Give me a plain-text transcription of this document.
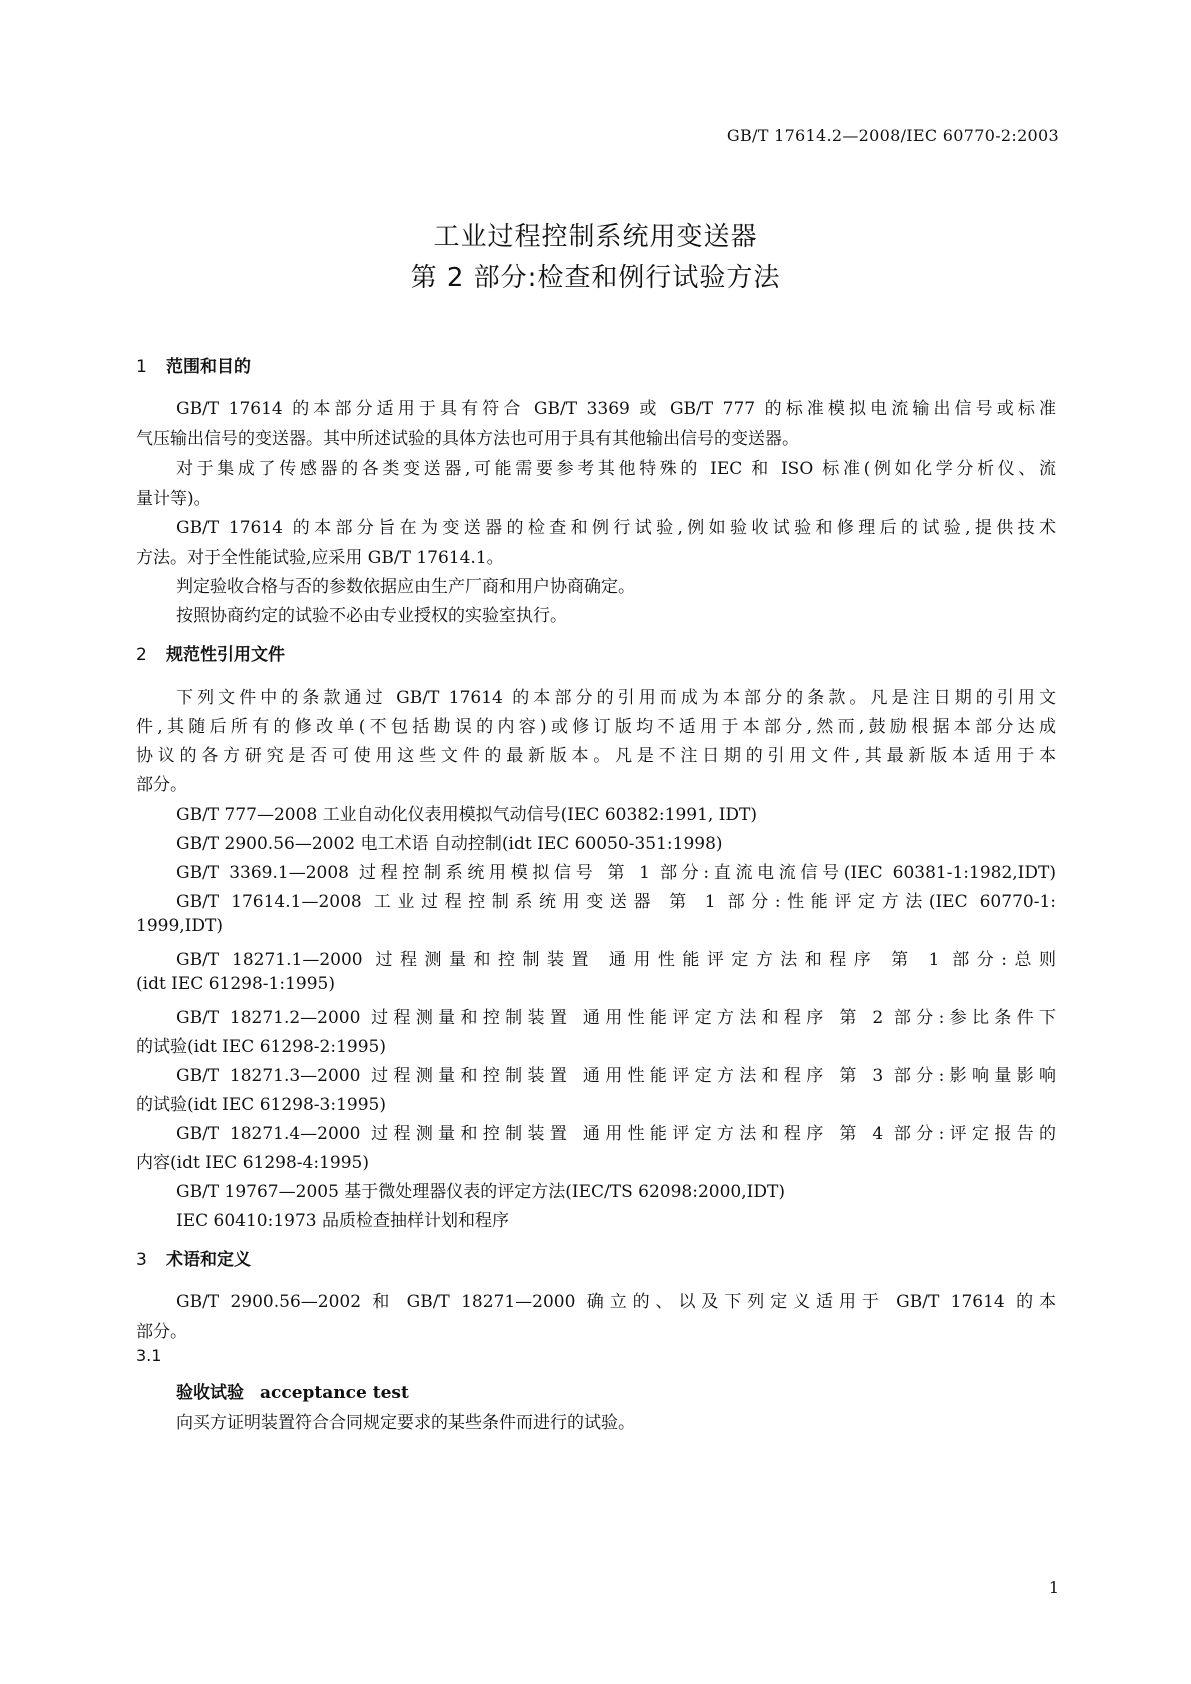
GB/T 17614.2—2008/IEC 60770-2:2003
工业过程控制系统用变送器
第 2 部分:检查和例行试验方法
1 范围和目的
GB/T 17614 的本部分适用于具有符合 GB/T 3369 或 GB/T 777 的标准模拟电流输出信号或标准
气压输出信号的变送器。其中所述试验的具体方法也可用于具有其他输出信号的变送器。
对于集成了传感器的各类变送器,可能需要参考其他特殊的 IEC 和 ISO 标准(例如化学分析仪、流
量计等)。
GB/T 17614 的本部分旨在为变送器的检查和例行试验,例如验收试验和修理后的试验,提供技术
方法。对于全性能试验,应采用 GB/T 17614.1。
判定验收合格与否的参数依据应由生产厂商和用户协商确定。
按照协商约定的试验不必由专业授权的实验室执行。
2 规范性引用文件
下列文件中的条款通过 GB/T 17614 的本部分的引用而成为本部分的条款。凡是注日期的引用文
件,其随后所有的修改单(不包括勘误的内容)或修订版均不适用于本部分,然而,鼓励根据本部分达成
协议的各方研究是否可使用这些文件的最新版本。凡是不注日期的引用文件,其最新版本适用于本
部分。
GB/T 777—2008 工业自动化仪表用模拟气动信号(IEC 60382:1991, IDT)
GB/T 2900.56—2002 电工术语 自动控制(idt IEC 60050-351:1998)
GB/T 3369.1—2008 过程控制系统用模拟信号 第 1 部分:直流电流信号(IEC 60381-1:1982,IDT)
GB/T 17614.1—2008 工业过程控制系统用变送器 第 1 部分:性能评定方法(IEC 60770-1:
1999,IDT)
GB/T 18271.1—2000 过程测量和控制装置 通用性能评定方法和程序 第 1 部分:总则
(idt IEC 61298-1:1995)
GB/T 18271.2—2000 过程测量和控制装置 通用性能评定方法和程序 第 2 部分:参比条件下
的试验(idt IEC 61298-2:1995)
GB/T 18271.3—2000 过程测量和控制装置 通用性能评定方法和程序 第 3 部分:影响量影响
的试验(idt IEC 61298-3:1995)
GB/T 18271.4—2000 过程测量和控制装置 通用性能评定方法和程序 第 4 部分:评定报告的
内容(idt IEC 61298-4:1995)
GB/T 19767—2005 基于微处理器仪表的评定方法(IEC/TS 62098:2000,IDT)
IEC 60410:1973 品质检查抽样计划和程序
3 术语和定义
GB/T 2900.56—2002 和 GB/T 18271—2000 确立的、以及下列定义适用于 GB/T 17614 的本
部分。
3.1
验收试验 acceptance test
向买方证明装置符合合同规定要求的某些条件而进行的试验。
1
